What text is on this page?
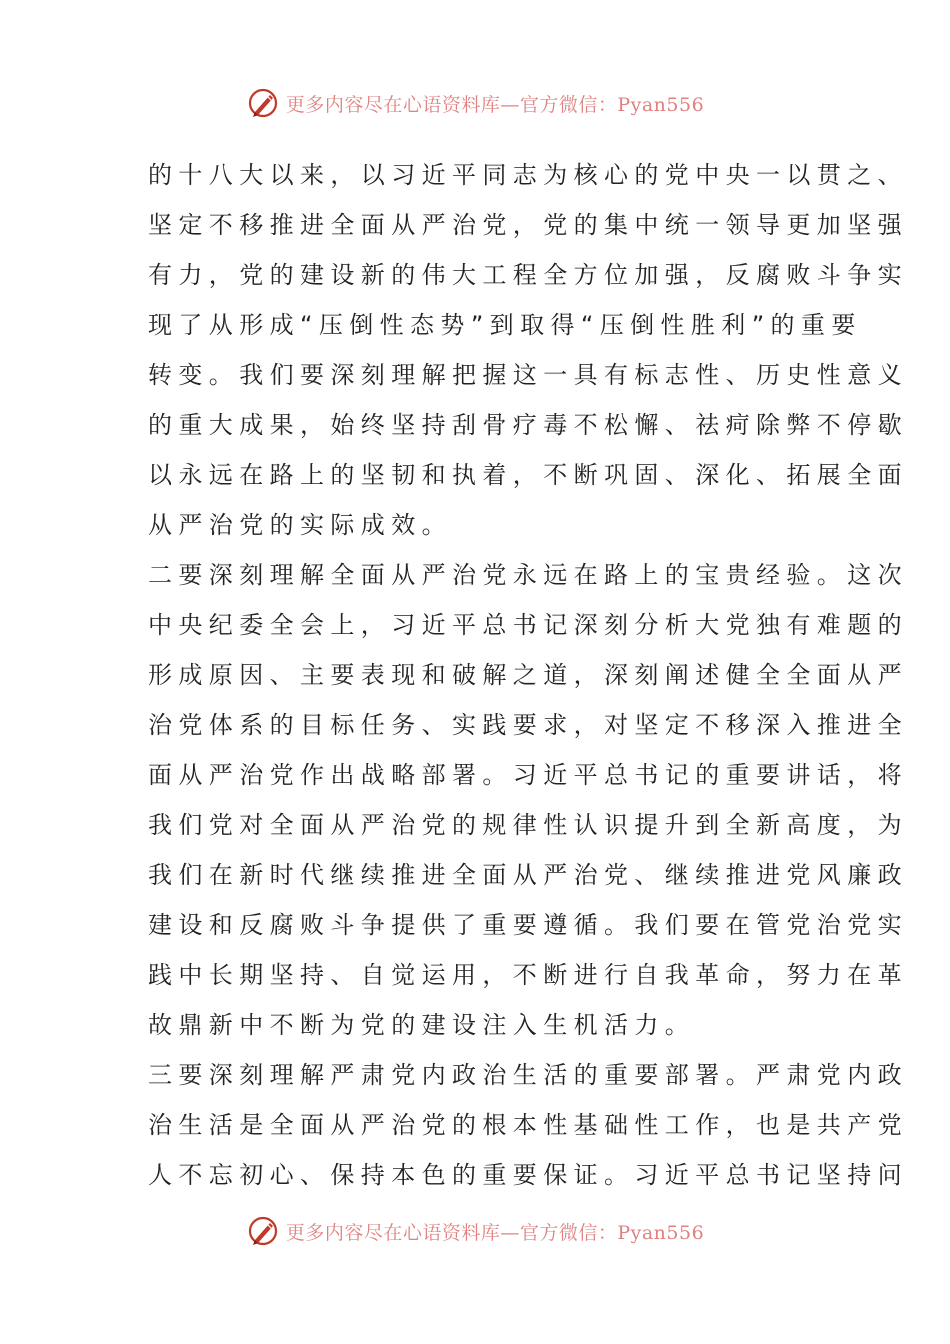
更多内容尽在心语资料库—官方微信：Pyan556
的十八大以来，以习近平同志为核心的党中央一以贯之、
坚定不移推进全面从严治党，党的集中统一领导更加坚强
有力，党的建设新的伟大工程全方位加强，反腐败斗争实
现了从形成“压倒性态势”到取得“压倒性胜利”的重要
转变。我们要深刻理解把握这一具有标志性、历史性意义
的重大成果，始终坚持刮骨疗毒不松懈、祛疴除弊不停歇
以永远在路上的坚韧和执着，不断巩固、深化、拓展全面
从严治党的实际成效。
二要深刻理解全面从严治党永远在路上的宝贵经验。这次
中央纪委全会上，习近平总书记深刻分析大党独有难题的
形成原因、主要表现和破解之道，深刻阐述健全全面从严
治党体系的目标任务、实践要求，对坚定不移深入推进全
面从严治党作出战略部署。习近平总书记的重要讲话，将
我们党对全面从严治党的规律性认识提升到全新高度，为
我们在新时代继续推进全面从严治党、继续推进党风廉政
建设和反腐败斗争提供了重要遵循。我们要在管党治党实
践中长期坚持、自觉运用，不断进行自我革命，努力在革
故鼎新中不断为党的建设注入生机活力。
三要深刻理解严肃党内政治生活的重要部署。严肃党内政
治生活是全面从严治党的根本性基础性工作，也是共产党
人不忘初心、保持本色的重要保证。习近平总书记坚持问
更多内容尽在心语资料库—官方微信：Pyan556
